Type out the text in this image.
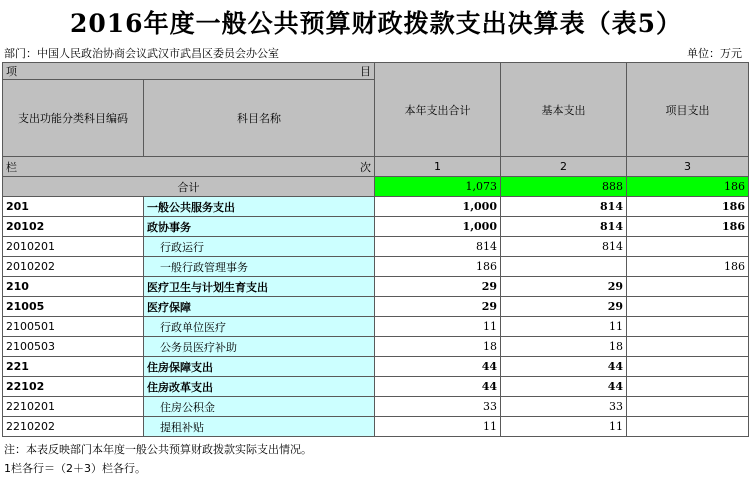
2016年度一般公共预算财政拨款支出决算表（表5）
部门：中国人民政治协商会议武汉市武昌区委员会办公室	单位：万元
项 目		本年支出合计	基本支出	项目支出
支出功能分类科目编码	科目名称			

栏 次		1	2	3
合计		1,073	888	186
201	一般公共服务支出	1,000	814	186
20102	政协事务	1,000	814	186
2010201	行政运行	814	814	
2010202	一般行政管理事务	186		186
210	医疗卫生与计划生育支出	29	29	
21005	医疗保障	29	29	
2100501	行政单位医疗	11	11	
2100503	公务员医疗补助	18	18	
221	住房保障支出	44	44	
22102	住房改革支出	44	44	
2210201	住房公积金	33	33	
2210202	提租补贴	11	11	
注：本表反映部门本年度一般公共预算财政拨款实际支出情况。
1栏各行＝（2＋3）栏各行。
